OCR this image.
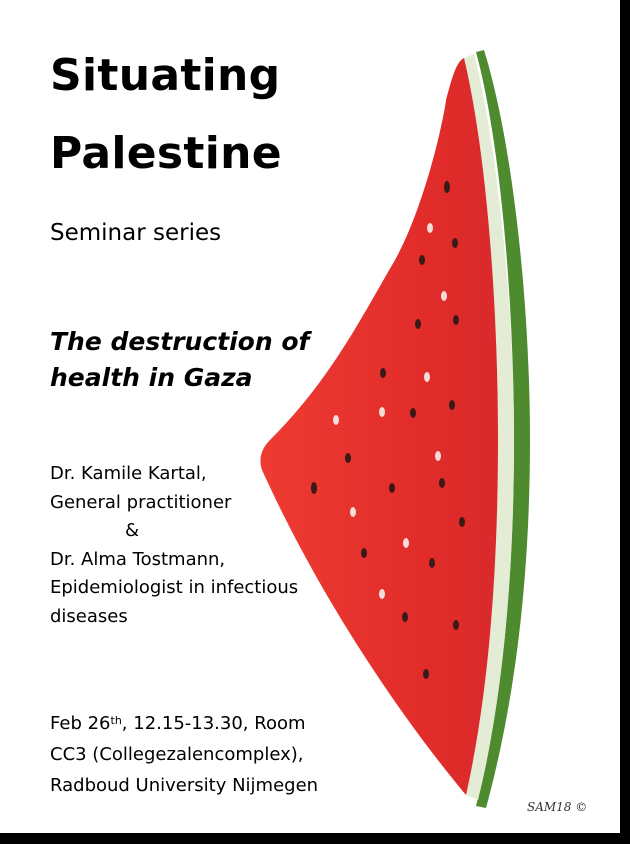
Situating
Palestine
Seminar series
The destruction of
health in Gaza
Dr. Kamile Kartal,
General practitioner
&
Dr. Alma Tostmann,
Epidemiologist in infectious
diseases
Feb 26th, 12.15-13.30, Room
CC3 (Collegezalencomplex),
Radboud University Nijmegen
SAM18 ©
